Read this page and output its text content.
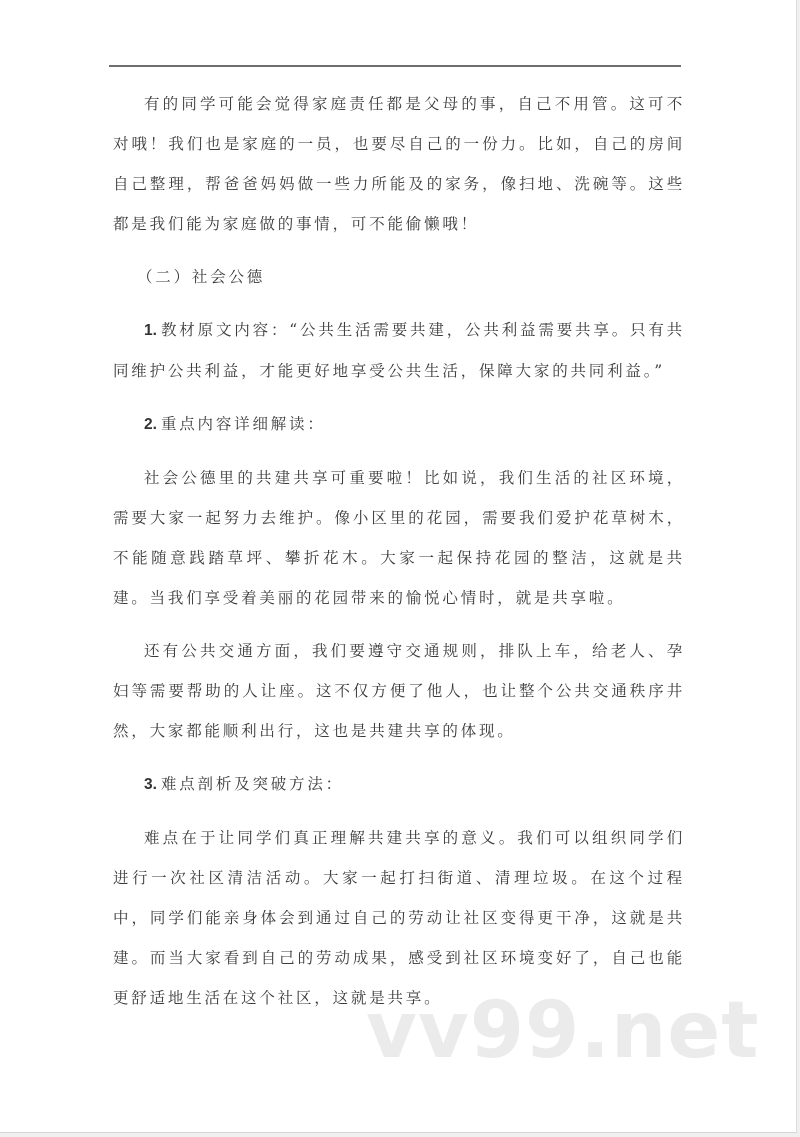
有的同学可能会觉得家庭责任都是父母的事，自己不用管。这可不对哦！我们也是家庭的一员，也要尽自己的一份力。比如，自己的房间自己整理，帮爸爸妈妈做一些力所能及的家务，像扫地、洗碗等。这些都是我们能为家庭做的事情，可不能偷懒哦！

（二）社会公德

1. 教材原文内容：“公共生活需要共建，公共利益需要共享。只有共同维护公共利益，才能更好地享受公共生活，保障大家的共同利益。”

2. 重点内容详细解读：

社会公德里的共建共享可重要啦！比如说，我们生活的社区环境，需要大家一起努力去维护。像小区里的花园，需要我们爱护花草树木，不能随意践踏草坪、攀折花木。大家一起保持花园的整洁，这就是共建。当我们享受着美丽的花园带来的愉悦心情时，就是共享啦。

还有公共交通方面，我们要遵守交通规则，排队上车，给老人、孕妇等需要帮助的人让座。这不仅方便了他人，也让整个公共交通秩序井然，大家都能顺利出行，这也是共建共享的体现。

3. 难点剖析及突破方法：

难点在于让同学们真正理解共建共享的意义。我们可以组织同学们进行一次社区清洁活动。大家一起打扫街道、清理垃圾。在这个过程中，同学们能亲身体会到通过自己的劳动让社区变得更干净，这就是共建。而当大家看到自己的劳动成果，感受到社区环境变好了，自己也能更舒适地生活在这个社区，这就是共享。

vv99.net
